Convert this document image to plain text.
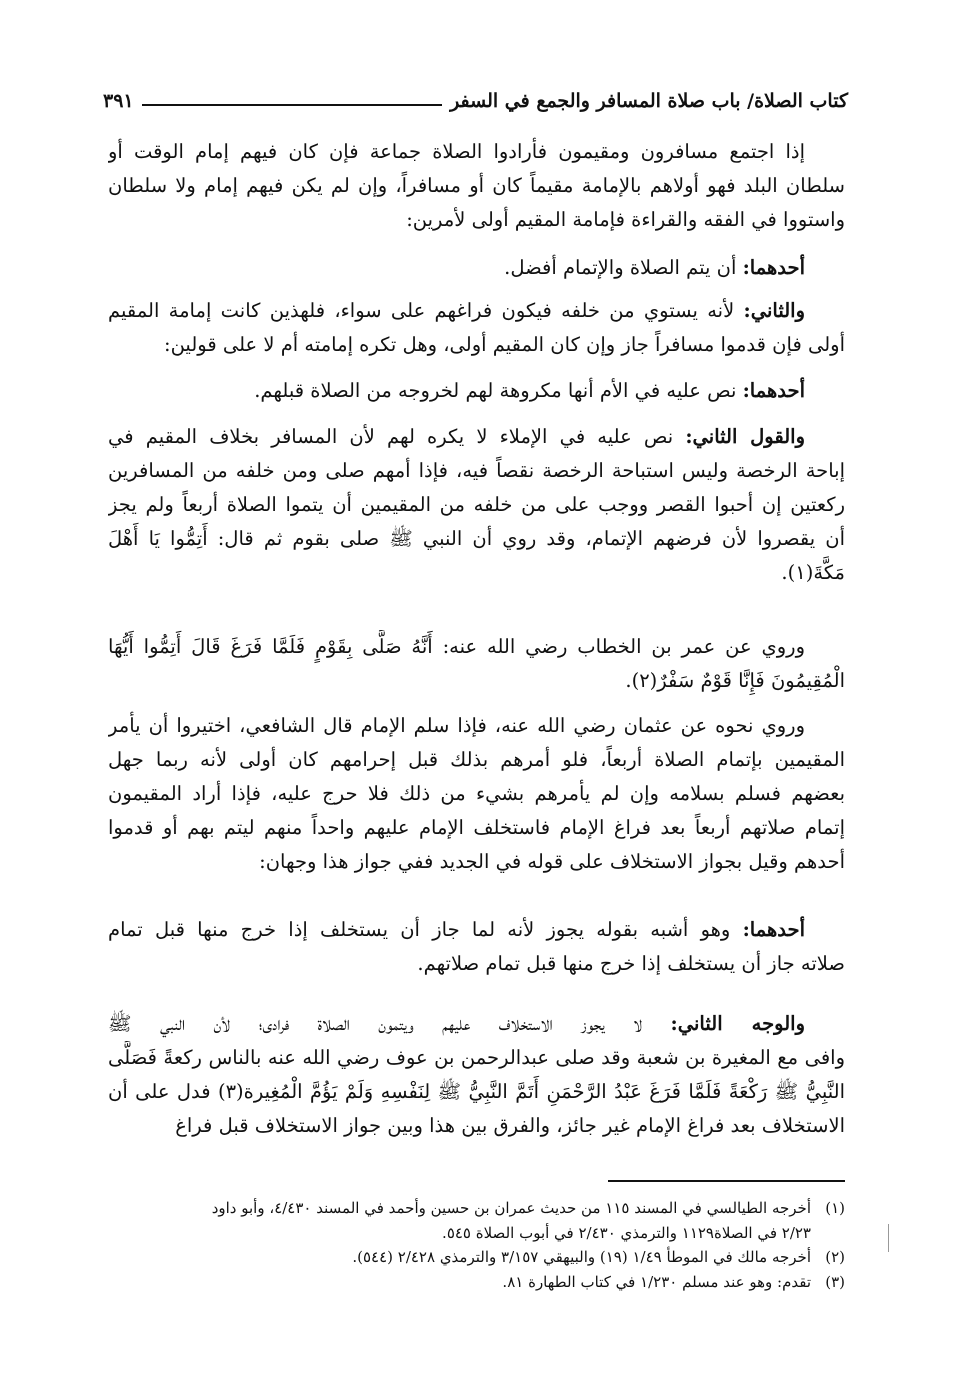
كتاب الصلاة/ باب صلاة المسافر والجمع في السفر
٣٩١
إذا اجتمع مسافرون ومقيمون فأرادوا الصلاة جماعة فإن كان فيهم إمام الوقت أو
سلطان البلد فهو أولاهم بالإمامة مقيماً كان أو مسافراً، وإن لم يكن فيهم إمام ولا سلطان
واستووا في الفقه والقراءة فإمامة المقيم أولى لأمرين:
أحدهما: أن يتم الصلاة والإتمام أفضل.
والثاني: لأنه يستوي من خلفه فيكون فراغهم على سواء، فلهذين كانت إمامة المقيم
أولى فإن قدموا مسافراً جاز وإن كان المقيم أولى، وهل تكره إمامته أم لا على قولين:
أحدهما: نص عليه في الأم أنها مكروهة لهم لخروجه من الصلاة قبلهم.
والقول الثاني: نص عليه في الإملاء لا يكره لهم لأن المسافر بخلاف المقيم في
إباحة الرخصة وليس استباحة الرخصة نقصاً فيه، فإذا أمهم صلى ومن خلفه من المسافرين
ركعتين إن أحبوا القصر ووجب على من خلفه من المقيمين أن يتموا الصلاة أربعاً ولم يجز
أن يقصروا لأن فرضهم الإتمام، وقد روي أن النبي ﷺ صلى بقوم ثم قال: أَتِمُّوا يَا أَهْلَ
مَكَّةَ(١).
وروي عن عمر بن الخطاب رضي الله عنه: أَنَّهُ صَلَّى بِقَوْمٍ فَلَمَّا فَرَغَ قَالَ أَتِمُّوا أَيُّهَا
الْمُقِيمُونَ فَإِنَّا قَوْمٌ سَفْرٌ(٢).
وروي نحوه عن عثمان رضي الله عنه، فإذا سلم الإمام قال الشافعي، اختيروا أن يأمر
المقيمين بإتمام الصلاة أربعاً، فلو أمرهم بذلك قبل إحرامهم كان أولى لأنه ربما جهل
بعضهم فسلم بسلامه وإن لم يأمرهم بشيء من ذلك فلا حرج عليه، فإذا أراد المقيمون
إتمام صلاتهم أربعاً بعد فراغ الإمام فاستخلف الإمام عليهم واحداً منهم ليتم بهم أو قدموا
أحدهم وقيل بجواز الاستخلاف على قوله في الجديد ففي جواز هذا وجهان:
أحدهما: وهو أشبه بقوله يجوز لأنه لما جاز أن يستخلف إذا خرج منها قبل تمام
صلاته جاز أن يستخلف إذا خرج منها قبل تمام صلاتهم.
والوجه الثاني: لا يجوز الاستخلاف عليهم ويتمون الصلاة فرادى؛ لأن النبي ﷺ
وافى مع المغيرة بن شعبة وقد صلى عبدالرحمن بن عوف رضي الله عنه بالناس ركعةً فَصَلَّى
النَّبِيُّ ﷺ رَكْعَةً فَلَمَّا فَرَغَ عَبْدُ الرَّحْمَنِ أَتَمَّ النَّبِيُّ ﷺ لِنَفْسِهِ وَلَمْ يَؤُمَّ الْمُغِيرة(٣) فدل على أن
الاستخلاف بعد فراغ الإمام غير جائز، والفرق بين هذا وبين جواز الاستخلاف قبل فراغ
(١)أخرجه الطيالسي في المسند ١١٥ من حديث عمران بن حسين وأحمد في المسند ٤/٤٣٠، وأبو داود
٢/٢٣ في الصلاة١١٢٩ والترمذي ٢/٤٣٠ في أبوب الصلاة ٥٤٥.
(٢)أخرجه مالك في الموطأ ١/٤٩ (١٩) والبيهقي ٣/١٥٧ والترمذي ٢/٤٢٨ (٥٤٤).
(٣)تقدم: وهو عند مسلم ١/٢٣٠ في كتاب الطهارة ٨١.
